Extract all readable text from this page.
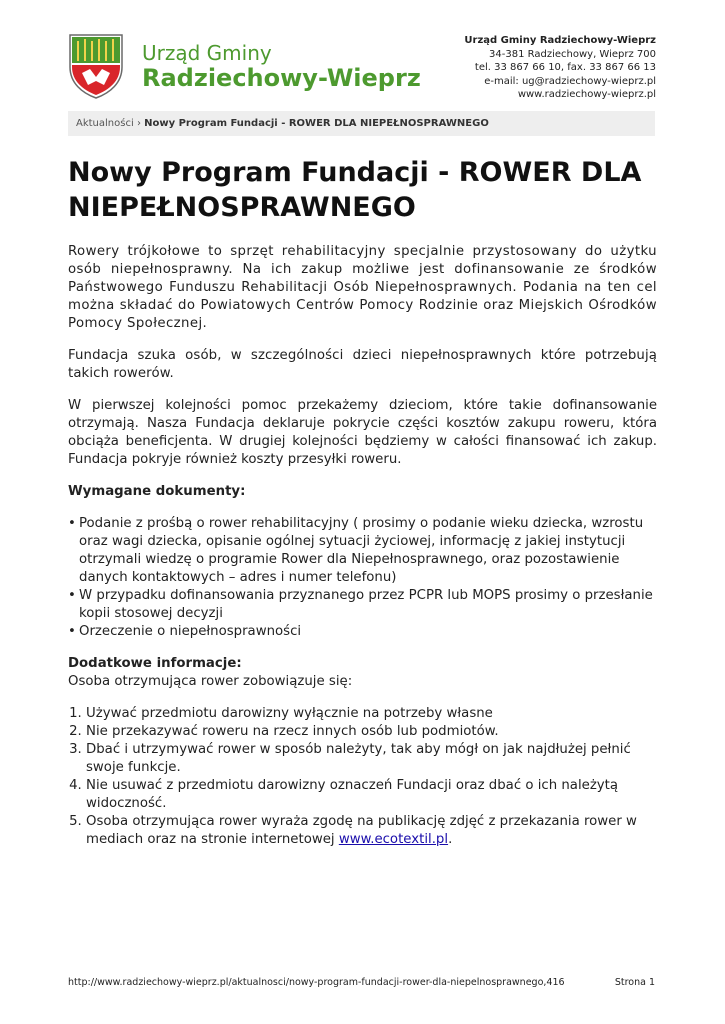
Urząd Gminy
Radziechowy-Wieprz
Urząd Gminy Radziechowy-Wieprz
34-381 Radziechowy, Wieprz 700
tel. 33 867 66 10, fax. 33 867 66 13
e-mail: ug@radziechowy-wieprz.pl
www.radziechowy-wieprz.pl
Aktualności › Nowy Program Fundacji - ROWER DLA NIEPEŁNOSPRAWNEGO
Nowy Program Fundacji - ROWER DLA NIEPEŁNOSPRAWNEGO

Rowery trójkołowe to sprzęt rehabilitacyjny specjalnie przystosowany do użytku osób niepełnosprawny. Na ich zakup możliwe jest dofinansowanie ze środków Państwowego Funduszu Rehabilitacji Osób Niepełnosprawnych. Podania na ten cel można składać do Powiatowych Centrów Pomocy Rodzinie oraz Miejskich Ośrodków Pomocy Społecznej.

Fundacja szuka osób, w szczególności dzieci niepełnosprawnych które potrzebują takich rowerów.

W pierwszej kolejności pomoc przekażemy dzieciom, które takie dofinansowanie otrzymają. Nasza Fundacja deklaruje pokrycie części kosztów zakupu roweru, która obciąża beneficjenta. W drugiej kolejności będziemy w całości finansować ich zakup. Fundacja pokryje również koszty przesyłki roweru.

Wymagane dokumenty:
• Podanie z prośbą o rower rehabilitacyjny ( prosimy o podanie wieku dziecka, wzrostu oraz wagi dziecka, opisanie ogólnej sytuacji życiowej, informację z jakiej instytucji otrzymali wiedzę o programie Rower dla Niepełnosprawnego, oraz pozostawienie danych kontaktowych – adres i numer telefonu)
• W przypadku dofinansowania przyznanego przez PCPR lub MOPS prosimy o przesłanie kopii stosowej decyzji
• Orzeczenie o niepełnosprawności
Dodatkowe informacje:

Osoba otrzymująca rower zobowiązuje się:

1. Używać przedmiotu darowizny wyłącznie na potrzeby własne
2. Nie przekazywać roweru na rzecz innych osób lub podmiotów.
3. Dbać i utrzymywać rower w sposób należyty, tak aby mógł on jak najdłużej pełnić swoje funkcje.
4. Nie usuwać z przedmiotu darowizny oznaczeń Fundacji oraz dbać o ich należytą widoczność.
5. Osoba otrzymująca rower wyraża zgodę na publikację zdjęć z przekazania rower w mediach oraz na stronie internetowej www.ecotextil.pl.
http://www.radziechowy-wieprz.pl/aktualnosci/nowy-program-fundacji-rower-dla-niepelnosprawnego,416	Strona 1
